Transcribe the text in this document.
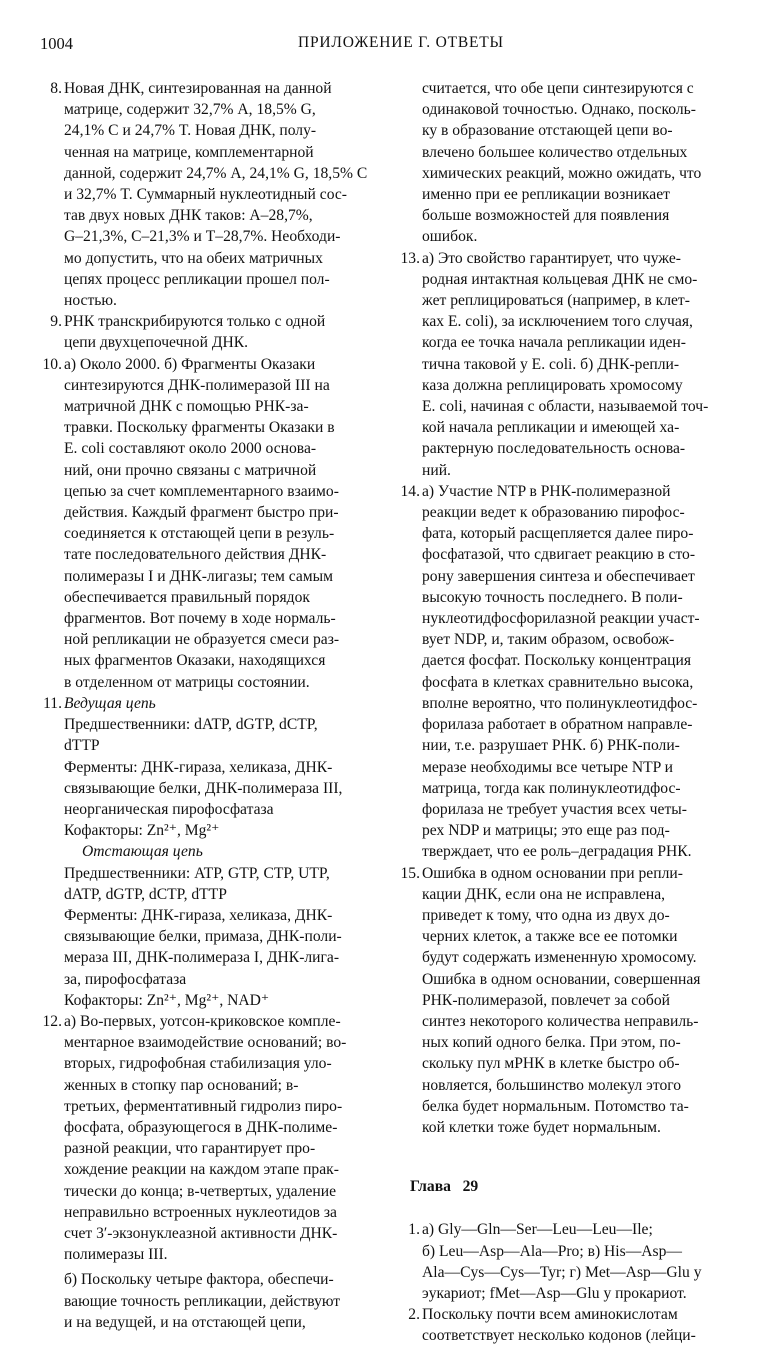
1004	ПРИЛОЖЕНИЕ Г. ОТВЕТЫ
8. Новая ДНК, синтезированная на данной
матрице, содержит 32,7% A, 18,5% G,
24,1% C и 24,7% T. Новая ДНК, полу-
ченная на матрице, комплементарной
данной, содержит 24,7% A, 24,1% G, 18,5% C
и 32,7% T. Суммарный нуклеотидный сос-
тав двух новых ДНК таков: A–28,7%,
G–21,3%, C–21,3% и T–28,7%. Необходи-
мо допустить, что на обеих матричных
цепях процесс репликации прошел пол-
ностью.
9. РНК транскрибируются только с одной
цепи двухцепочечной ДНК.
10. а) Около 2000. б) Фрагменты Оказаки
синтезируются ДНК-полимеразой III на
матричной ДНК с помощью РНК-за-
травки. Поскольку фрагменты Оказаки в
E. coli составляют около 2000 основа-
ний, они прочно связаны с матричной
цепью за счет комплементарного взаимо-
действия. Каждый фрагмент быстро при-
соединяется к отстающей цепи в резуль-
тате последовательного действия ДНК-
полимеразы I и ДНК-лигазы; тем самым
обеспечивается правильный порядок
фрагментов. Вот почему в ходе нормаль-
ной репликации не образуется смеси раз-
ных фрагментов Оказаки, находящихся
в отделенном от матрицы состоянии.
11. Ведущая цепь
Предшественники: dATP, dGTP, dCTP,
dTTP
Ферменты: ДНК-гираза, хеликаза, ДНК-
связывающие белки, ДНК-полимераза III,
неорганическая пирофосфатаза
Кофакторы: Zn²⁺, Mg²⁺
Отстающая цепь
Предшественники: ATP, GTP, CTP, UTP,
dATP, dGTP, dCTP, dTTP
Ферменты: ДНК-гираза, хеликаза, ДНК-
связывающие белки, примаза, ДНК-поли-
мераза III, ДНК-полимераза I, ДНК-лига-
за, пирофосфатаза
Кофакторы: Zn²⁺, Mg²⁺, NAD⁺
12. а) Во-первых, уотсон-криковское компле-
ментарное взаимодействие оснований; во-
вторых, гидрофобная стабилизация уло-
женных в стопку пар оснований; в-
третьих, ферментативный гидролиз пиро-
фосфата, образующегося в ДНК-полиме-
разной реакции, что гарантирует про-
хождение реакции на каждом этапе прак-
тически до конца; в-четвертых, удаление
неправильно встроенных нуклеотидов за
счет 3′-экзонуклеазной активности ДНК-
полимеразы III.
б) Поскольку четыре фактора, обеспечи-
вающие точность репликации, действуют
и на ведущей, и на отстающей цепи,
считается, что обе цепи синтезируются с
одинаковой точностью. Однако, посколь-
ку в образование отстающей цепи во-
влечено большее количество отдельных
химических реакций, можно ожидать, что
именно при ее репликации возникает
больше возможностей для появления
ошибок.
13. а) Это свойство гарантирует, что чуже-
родная интактная кольцевая ДНК не смо-
жет реплицироваться (например, в клет-
ках E. coli), за исключением того случая,
когда ее точка начала репликации иден-
тична таковой у E. coli. б) ДНК-репли-
каза должна реплицировать хромосому
E. coli, начиная с области, называемой точ-
кой начала репликации и имеющей ха-
рактерную последовательность основа-
ний.
14. а) Участие NTP в РНК-полимеразной
реакции ведет к образованию пирофос-
фата, который расщепляется далее пиро-
фосфатазой, что сдвигает реакцию в сто-
рону завершения синтеза и обеспечивает
высокую точность последнего. В поли-
нуклеотидфосфорилазной реакции участ-
вует NDP, и, таким образом, освобож-
дается фосфат. Поскольку концентрация
фосфата в клетках сравнительно высока,
вполне вероятно, что полинуклеотидфос-
форилаза работает в обратном направле-
нии, т.е. разрушает РНК. б) РНК-поли-
меразе необходимы все четыре NTP и
матрица, тогда как полинуклеотидфос-
форилаза не требует участия всех четы-
рех NDP и матрицы; это еще раз под-
тверждает, что ее роль–деградация РНК.
15. Ошибка в одном основании при репли-
кации ДНК, если она не исправлена,
приведет к тому, что одна из двух до-
черних клеток, а также все ее потомки
будут содержать измененную хромосому.
Ошибка в одном основании, совершенная
РНК-полимеразой, повлечет за собой
синтез некоторого количества неправиль-
ных копий одного белка. При этом, по-
скольку пул мРНК в клетке быстро об-
новляется, большинство молекул этого
белка будет нормальным. Потомство та-
кой клетки тоже будет нормальным.
Глава   29
1. а) Gly—Gln—Ser—Leu—Leu—Ile;
б) Leu—Asp—Ala—Pro; в) His—Asp—
Ala—Cys—Cys—Tyr; г) Met—Asp—Glu у
эукариот; fMet—Asp—Glu у прокариот.
2. Поскольку почти всем аминокислотам
соответствует несколько кодонов (лейци-
